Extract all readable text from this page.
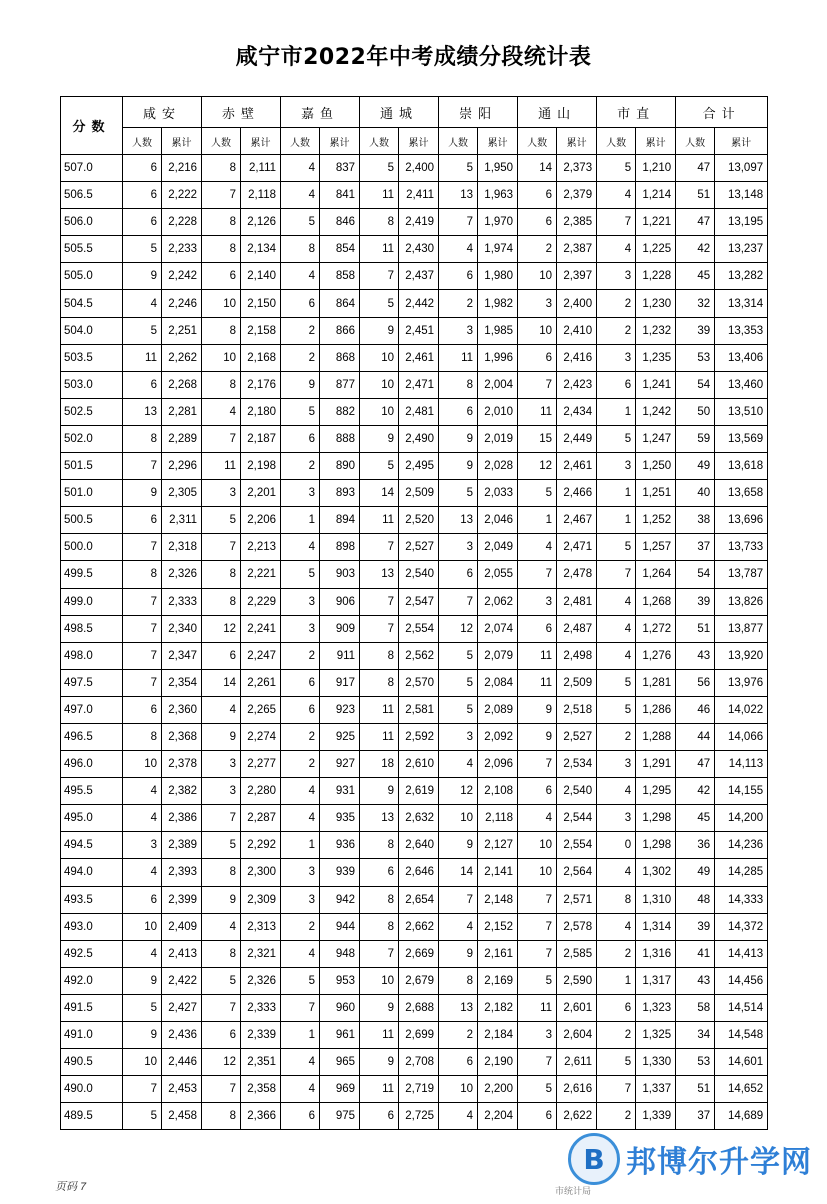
咸宁市2022年中考成绩分段统计表
分数	咸安		赤壁		嘉鱼		通城		崇阳		通山		市直		合计	
	人数	累计	人数	累计	人数	累计	人数	累计	人数	累计	人数	累计	人数	累计	人数	累计
507.0	6	2,216	8	2,111	4	837	5	2,400	5	1,950	14	2,373	5	1,210	47	13,097
506.5	6	2,222	7	2,118	4	841	11	2,411	13	1,963	6	2,379	4	1,214	51	13,148
506.0	6	2,228	8	2,126	5	846	8	2,419	7	1,970	6	2,385	7	1,221	47	13,195
505.5	5	2,233	8	2,134	8	854	11	2,430	4	1,974	2	2,387	4	1,225	42	13,237
505.0	9	2,242	6	2,140	4	858	7	2,437	6	1,980	10	2,397	3	1,228	45	13,282
504.5	4	2,246	10	2,150	6	864	5	2,442	2	1,982	3	2,400	2	1,230	32	13,314
504.0	5	2,251	8	2,158	2	866	9	2,451	3	1,985	10	2,410	2	1,232	39	13,353
503.5	11	2,262	10	2,168	2	868	10	2,461	11	1,996	6	2,416	3	1,235	53	13,406
503.0	6	2,268	8	2,176	9	877	10	2,471	8	2,004	7	2,423	6	1,241	54	13,460
502.5	13	2,281	4	2,180	5	882	10	2,481	6	2,010	11	2,434	1	1,242	50	13,510
502.0	8	2,289	7	2,187	6	888	9	2,490	9	2,019	15	2,449	5	1,247	59	13,569
501.5	7	2,296	11	2,198	2	890	5	2,495	9	2,028	12	2,461	3	1,250	49	13,618
501.0	9	2,305	3	2,201	3	893	14	2,509	5	2,033	5	2,466	1	1,251	40	13,658
500.5	6	2,311	5	2,206	1	894	11	2,520	13	2,046	1	2,467	1	1,252	38	13,696
500.0	7	2,318	7	2,213	4	898	7	2,527	3	2,049	4	2,471	5	1,257	37	13,733
499.5	8	2,326	8	2,221	5	903	13	2,540	6	2,055	7	2,478	7	1,264	54	13,787
499.0	7	2,333	8	2,229	3	906	7	2,547	7	2,062	3	2,481	4	1,268	39	13,826
498.5	7	2,340	12	2,241	3	909	7	2,554	12	2,074	6	2,487	4	1,272	51	13,877
498.0	7	2,347	6	2,247	2	911	8	2,562	5	2,079	11	2,498	4	1,276	43	13,920
497.5	7	2,354	14	2,261	6	917	8	2,570	5	2,084	11	2,509	5	1,281	56	13,976
497.0	6	2,360	4	2,265	6	923	11	2,581	5	2,089	9	2,518	5	1,286	46	14,022
496.5	8	2,368	9	2,274	2	925	11	2,592	3	2,092	9	2,527	2	1,288	44	14,066
496.0	10	2,378	3	2,277	2	927	18	2,610	4	2,096	7	2,534	3	1,291	47	14,113
495.5	4	2,382	3	2,280	4	931	9	2,619	12	2,108	6	2,540	4	1,295	42	14,155
495.0	4	2,386	7	2,287	4	935	13	2,632	10	2,118	4	2,544	3	1,298	45	14,200
494.5	3	2,389	5	2,292	1	936	8	2,640	9	2,127	10	2,554	0	1,298	36	14,236
494.0	4	2,393	8	2,300	3	939	6	2,646	14	2,141	10	2,564	4	1,302	49	14,285
493.5	6	2,399	9	2,309	3	942	8	2,654	7	2,148	7	2,571	8	1,310	48	14,333
493.0	10	2,409	4	2,313	2	944	8	2,662	4	2,152	7	2,578	4	1,314	39	14,372
492.5	4	2,413	8	2,321	4	948	7	2,669	9	2,161	7	2,585	2	1,316	41	14,413
492.0	9	2,422	5	2,326	5	953	10	2,679	8	2,169	5	2,590	1	1,317	43	14,456
491.5	5	2,427	7	2,333	7	960	9	2,688	13	2,182	11	2,601	6	1,323	58	14,514
491.0	9	2,436	6	2,339	1	961	11	2,699	2	2,184	3	2,604	2	1,325	34	14,548
490.5	10	2,446	12	2,351	4	965	9	2,708	6	2,190	7	2,611	5	1,330	53	14,601
490.0	7	2,453	7	2,358	4	969	11	2,719	10	2,200	5	2,616	7	1,337	51	14,652
489.5	5	2,458	8	2,366	6	975	6	2,725	4	2,204	6	2,622	2	1,339	37	14,689
页码 7	市统计局
B 邦博尔升学网
